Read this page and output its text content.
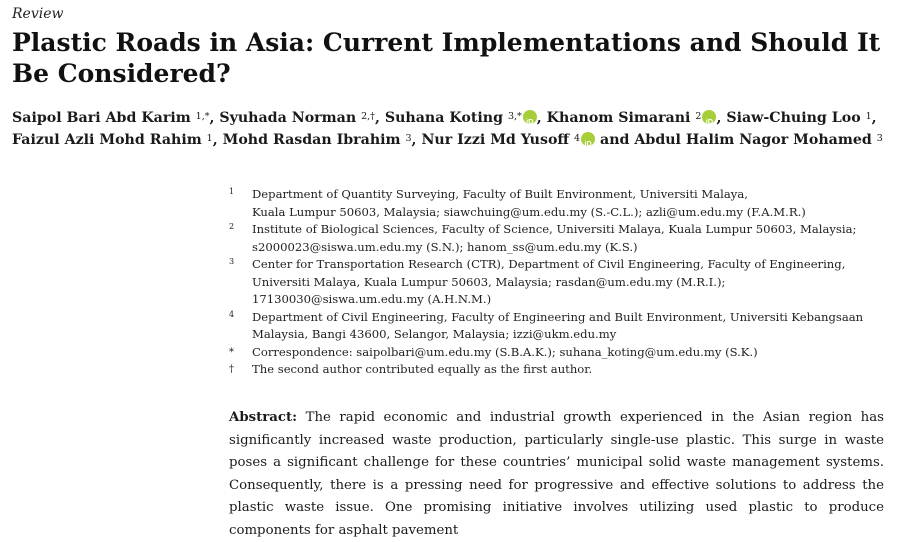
Review
Plastic Roads in Asia: Current Implementations and Should It Be Considered?
Saipol Bari Abd Karim $^{1,*}$, Syuhada Norman $^{2,\dagger}$, Suhana Koting $^{3,*}$ iD , Khanom Simarani $^2$ iD , Siaw-Chuing Loo $^1$, Faizul Azli Mohd Rahim $^1$, Mohd Rasdan Ibrahim $^3$, Nur Izzi Md Yusoff $^4$iD and Abdul Halim Nagor Mohamed $^3$
1 Department of Quantity Surveying, Faculty of Built Environment, Universiti Malaya,
Kuala Lumpur 50603, Malaysia; siawchuing@um.edu.my (S.-C.L.); azli@um.edu.my (F.A.M.R.)
2 Institute of Biological Sciences, Faculty of Science, Universiti Malaya, Kuala Lumpur 50603, Malaysia;
s2000023@siswa.um.edu.my (S.N.); hanom_ss@um.edu.my (K.S.)
3 Center for Transportation Research (CTR), Department of Civil Engineering, Faculty of Engineering,
Universiti Malaya, Kuala Lumpur 50603, Malaysia; rasdan@um.edu.my (M.R.I.);
17130030@siswa.um.edu.my (A.H.N.M.)
4 Department of Civil Engineering, Faculty of Engineering and Built Environment, Universiti Kebangsaan
Malaysia, Bangi 43600, Selangor, Malaysia; izzi@ukm.edu.my
* Correspondence: saipolbari@um.edu.my (S.B.A.K.); suhana_koting@um.edu.my (S.K.)
† The second author contributed equally as the first author.
Abstract: The rapid economic and industrial growth experienced in the Asian region has significantly increased waste production, particularly single-use plastic. This surge in waste poses a significant challenge for these countries’ municipal solid waste management systems. Consequently, there is a pressing need for progressive and effective solutions to address the plastic waste issue. One promising initiative involves utilizing used plastic to produce components for asphalt pavement
